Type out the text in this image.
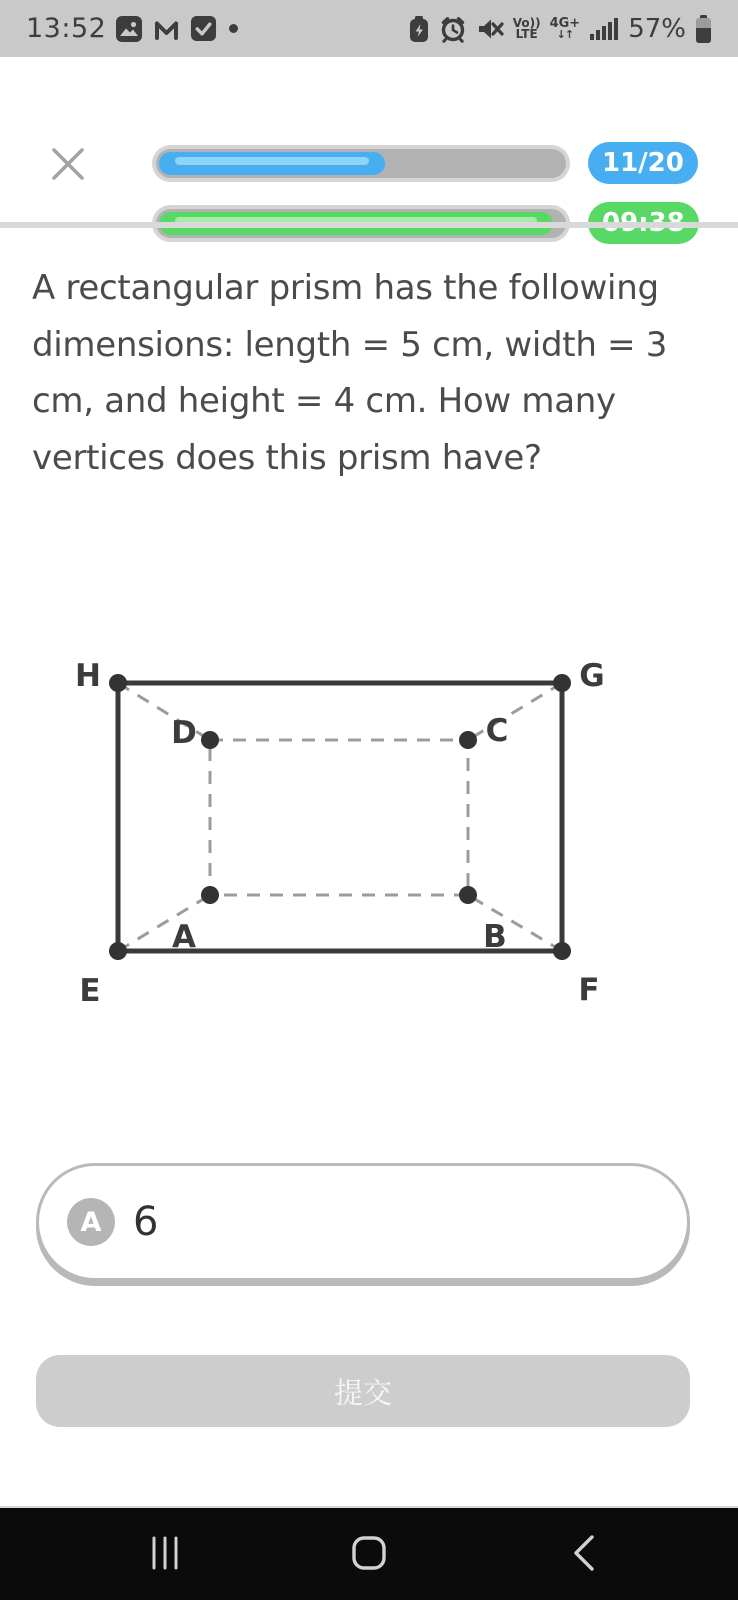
13:52	Vo))
LTE
4G+
↓↑ 57%
11/20

A rectangular prism has the following dimensions: length = 5 cm, width = 3 cm, and height = 4 cm. How many vertices does this prism have?

H	G
D	C
A	B
E	F
A 6
提交
